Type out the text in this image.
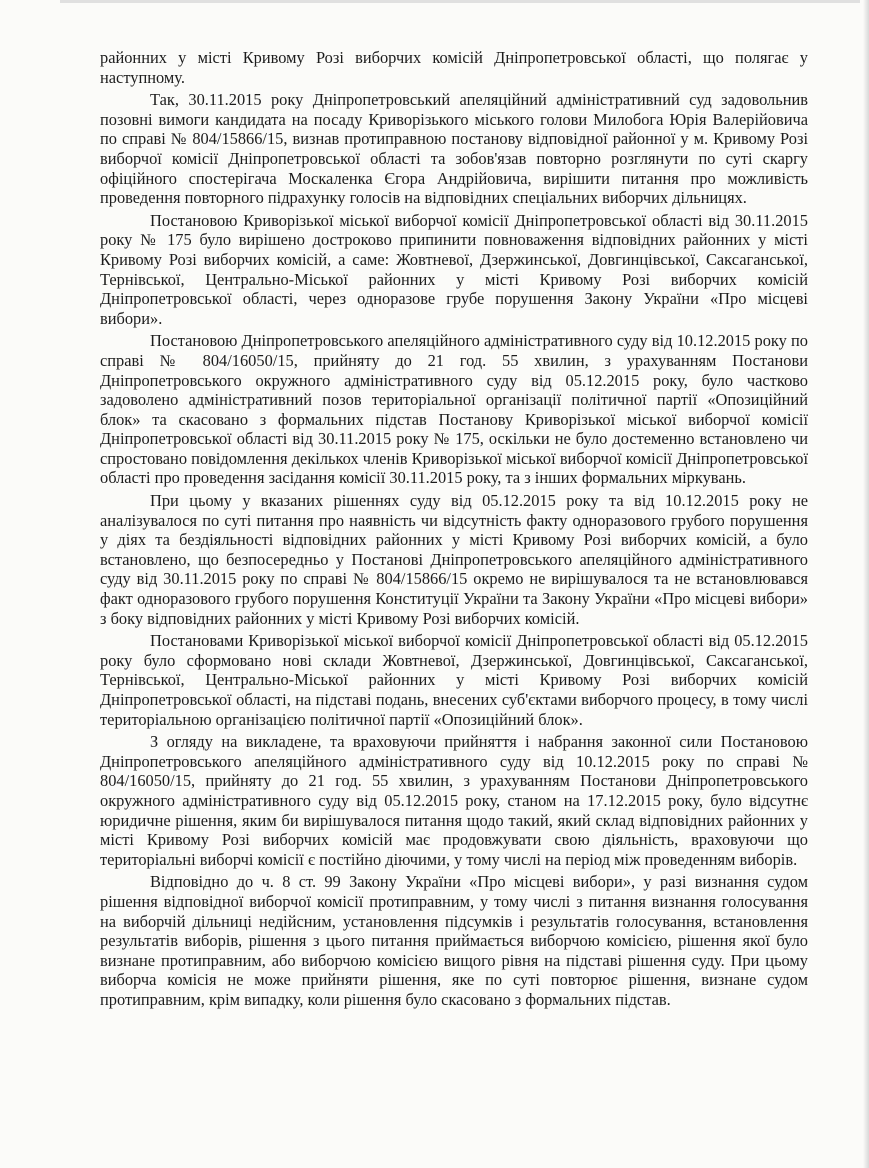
районних у місті Кривому Розі виборчих комісій Дніпропетровської області, що полягає у наступному.

Так, 30.11.2015 року Дніпропетровський апеляційний адміністративний суд задовольнив позовні вимоги кандидата на посаду Криворізького міського голови Милобога Юрія Валерійовича по справі № 804/15866/15, визнав протиправною постанову відповідної районної у м. Кривому Розі виборчої комісії Дніпропетровської області та зобов'язав повторно розглянути по суті скаргу офіційного спостерігача Москаленка Єгора Андрійовича, вирішити питання про можливість проведення повторного підрахунку голосів на відповідних спеціальних виборчих дільницях.

Постановою Криворізької міської виборчої комісії Дніпропетровської області від 30.11.2015 року № 175 було вирішено достроково припинити повноваження відповідних районних у місті Кривому Розі виборчих комісій, а саме: Жовтневої, Дзержинської, Довгинцівської, Саксаганської, Тернівської, Центрально-Міської районних у місті Кривому Розі виборчих комісій Дніпропетровської області, через одноразове грубе порушення Закону України «Про місцеві вибори».

Постановою Дніпропетровського апеляційного адміністративного суду від 10.12.2015 року по справі № 804/16050/15, прийняту до 21 год. 55 хвилин, з урахуванням Постанови Дніпропетровського окружного адміністративного суду від 05.12.2015 року, було частково задоволено адміністративний позов територіальної організації політичної партії «Опозиційний блок» та скасовано з формальних підстав Постанову Криворізької міської виборчої комісії Дніпропетровської області від 30.11.2015 року № 175, оскільки не було достеменно встановлено чи спростовано повідомлення декількох членів Криворізької міської виборчої комісії Дніпропетровської області про проведення засідання комісії 30.11.2015 року, та з інших формальних міркувань.

При цьому у вказаних рішеннях суду від 05.12.2015 року та від 10.12.2015 року не аналізувалося по суті питання про наявність чи відсутність факту одноразового грубого порушення у діях та бездіяльності відповідних районних у місті Кривому Розі виборчих комісій, а було встановлено, що безпосередньо у Постанові Дніпропетровського апеляційного адміністративного суду від 30.11.2015 року по справі № 804/15866/15 окремо не вирішувалося та не встановлювався факт одноразового грубого порушення Конституції України та Закону України «Про місцеві вибори» з боку відповідних районних у місті Кривому Розі виборчих комісій.

Постановами Криворізької міської виборчої комісії Дніпропетровської області від 05.12.2015 року було сформовано нові склади Жовтневої, Дзержинської, Довгинцівської, Саксаганської, Тернівської, Центрально-Міської районних у місті Кривому Розі виборчих комісій Дніпропетровської області, на підставі подань, внесених суб'єктами виборчого процесу, в тому числі територіальною організацією політичної партії «Опозиційний блок».

З огляду на викладене, та враховуючи прийняття і набрання законної сили Постановою Дніпропетровського апеляційного адміністративного суду від 10.12.2015 року по справі № 804/16050/15, прийняту до 21 год. 55 хвилин, з урахуванням Постанови Дніпропетровського окружного адміністративного суду від 05.12.2015 року, станом на 17.12.2015 року, було відсутнє юридичне рішення, яким би вирішувалося питання щодо такий, який склад відповідних районних у місті Кривому Розі виборчих комісій має продовжувати свою діяльність, враховуючи що територіальні виборчі комісії є постійно діючими, у тому числі на період між проведенням виборів.

Відповідно до ч. 8 ст. 99 Закону України «Про місцеві вибори», у разі визнання судом рішення відповідної виборчої комісії протиправним, у тому числі з питання визнання голосування на виборчій дільниці недійсним, установлення підсумків і результатів голосування, встановлення результатів виборів, рішення з цього питання приймається виборчою комісією, рішення якої було визнане протиправним, або виборчою комісією вищого рівня на підставі рішення суду. При цьому виборча комісія не може прийняти рішення, яке по суті повторює рішення, визнане судом протиправним, крім випадку, коли рішення було скасовано з формальних підстав.
